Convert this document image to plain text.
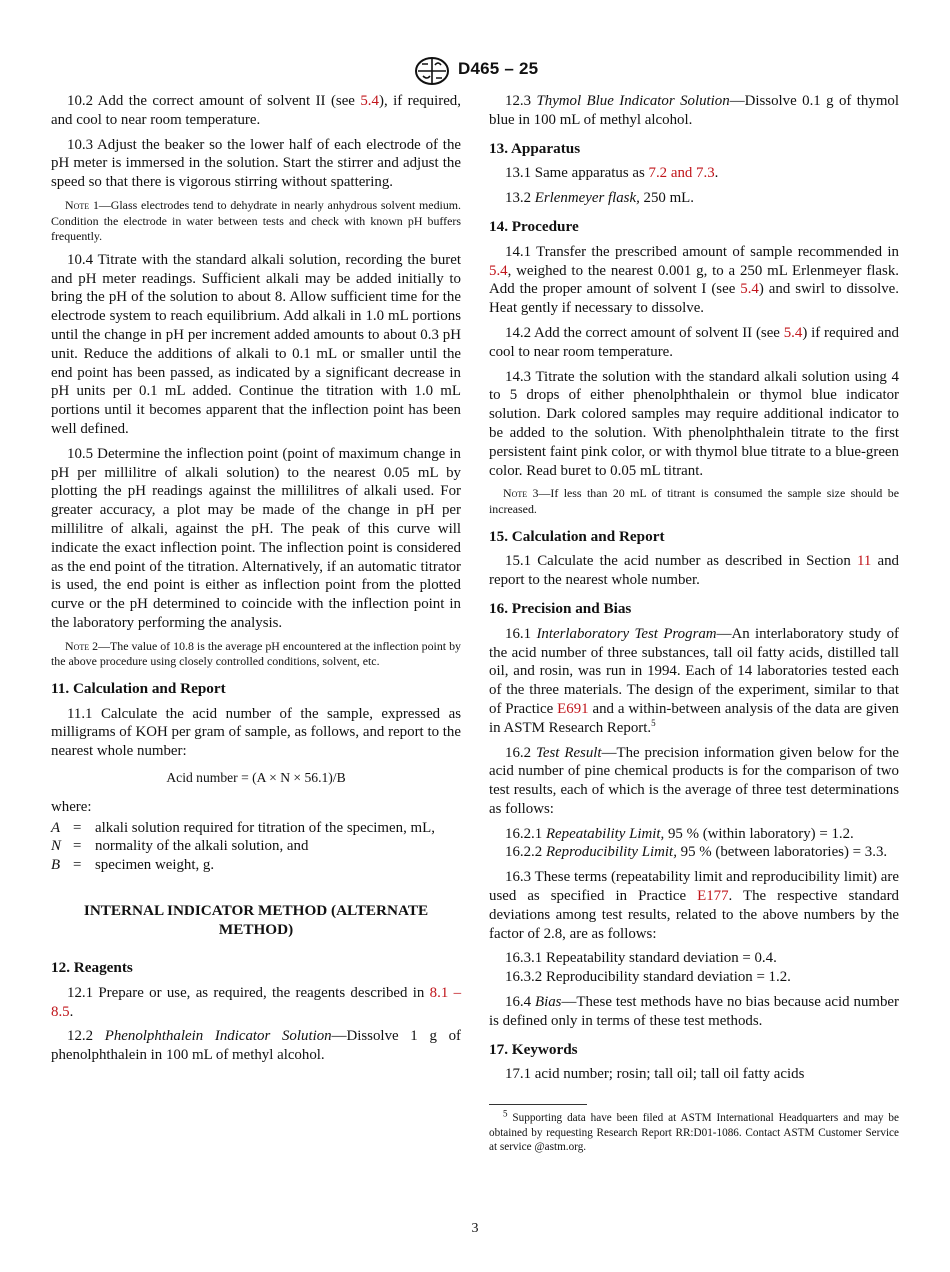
D465 – 25

10.2 Add the correct amount of solvent II (see 5.4), if required, and cool to near room temperature.

10.3 Adjust the beaker so the lower half of each electrode of the pH meter is immersed in the solution. Start the stirrer and adjust the speed so that there is vigorous stirring without spattering.

Note 1—Glass electrodes tend to dehydrate in nearly anhydrous solvent medium. Condition the electrode in water between tests and check with known pH buffers frequently.

10.4 Titrate with the standard alkali solution, recording the buret and pH meter readings. Sufficient alkali may be added initially to bring the pH of the solution to about 8. Allow sufficient time for the electrode system to reach equilibrium. Add alkali in 1.0 mL portions until the change in pH per increment added amounts to about 0.3 pH unit. Reduce the additions of alkali to 0.1 mL or smaller until the end point has been passed, as indicated by a significant decrease in pH units per 0.1 mL added. Continue the titration with 1.0 mL portions until it becomes apparent that the inflection point has been well defined.

10.5 Determine the inflection point (point of maximum change in pH per millilitre of alkali solution) to the nearest 0.05 mL by plotting the pH readings against the millilitres of alkali used. For greater accuracy, a plot may be made of the change in pH per millilitre of alkali, against the pH. The peak of this curve will indicate the exact inflection point. The inflection point is considered as the end point of the titration. Alternatively, if an automatic titrator is used, the end point is either as inflection point from the plotted curve or the pH determined to coincide with the inflection point in the laboratory performing the analysis.

Note 2—The value of 10.8 is the average pH encountered at the inflection point by the above procedure using closely controlled conditions, solvent, etc.

11. Calculation and Report

11.1 Calculate the acid number of the sample, expressed as milligrams of KOH per gram of sample, as follows, and report to the nearest whole number:

Acid number = (A × N × 56.1)/B
where:
A = alkali solution required for titration of the specimen, mL,
N = normality of the alkali solution, and
B = specimen weight, g.
INTERNAL INDICATOR METHOD (ALTERNATE METHOD)
12. Reagents

12.1 Prepare or use, as required, the reagents described in 8.1 – 8.5.

12.2 Phenolphthalein Indicator Solution—Dissolve 1 g of phenolphthalein in 100 mL of methyl alcohol.

12.3 Thymol Blue Indicator Solution—Dissolve 0.1 g of thymol blue in 100 mL of methyl alcohol.

13. Apparatus

13.1 Same apparatus as 7.2 and 7.3.

13.2 Erlenmeyer flask, 250 mL.

14. Procedure

14.1 Transfer the prescribed amount of sample recommended in 5.4, weighed to the nearest 0.001 g, to a 250 mL Erlenmeyer flask. Add the proper amount of solvent I (see 5.4) and swirl to dissolve. Heat gently if necessary to dissolve.

14.2 Add the correct amount of solvent II (see 5.4) if required and cool to near room temperature.

14.3 Titrate the solution with the standard alkali solution using 4 to 5 drops of either phenolphthalein or thymol blue indicator solution. Dark colored samples may require additional indicator to be added to the solution. With phenolphthalein titrate to the first persistent faint pink color, or with thymol blue titrate to a blue-green color. Read buret to 0.05 mL titrant.

Note 3—If less than 20 mL of titrant is consumed the sample size should be increased.

15. Calculation and Report

15.1 Calculate the acid number as described in Section 11 and report to the nearest whole number.

16. Precision and Bias

16.1 Interlaboratory Test Program—An interlaboratory study of the acid number of three substances, tall oil fatty acids, distilled tall oil, and rosin, was run in 1994. Each of 14 laboratories tested each of the three materials. The design of the experiment, similar to that of Practice E691 and a within-between analysis of the data are given in ASTM Research Report.$^5$

16.2 Test Result—The precision information given below for the acid number of pine chemical products is for the comparison of two test results, each of which is the average of three test determinations as follows:

16.2.1 Repeatability Limit, 95 % (within laboratory) = 1.2.

16.2.2 Reproducibility Limit, 95 % (between laboratories) = 3.3.

16.3 These terms (repeatability limit and reproducibility limit) are used as specified in Practice E177. The respective standard deviations among test results, related to the above numbers by the factor of 2.8, are as follows:

16.3.1 Repeatability standard deviation = 0.4.

16.3.2 Reproducibility standard deviation = 1.2.

16.4 Bias—These test methods have no bias because acid number is defined only in terms of these test methods.

17. Keywords

17.1 acid number; rosin; tall oil; tall oil fatty acids

$^5$ Supporting data have been filed at ASTM International Headquarters and may be obtained by requesting Research Report RR:D01-1086. Contact ASTM Customer Service at service @astm.org.

3
